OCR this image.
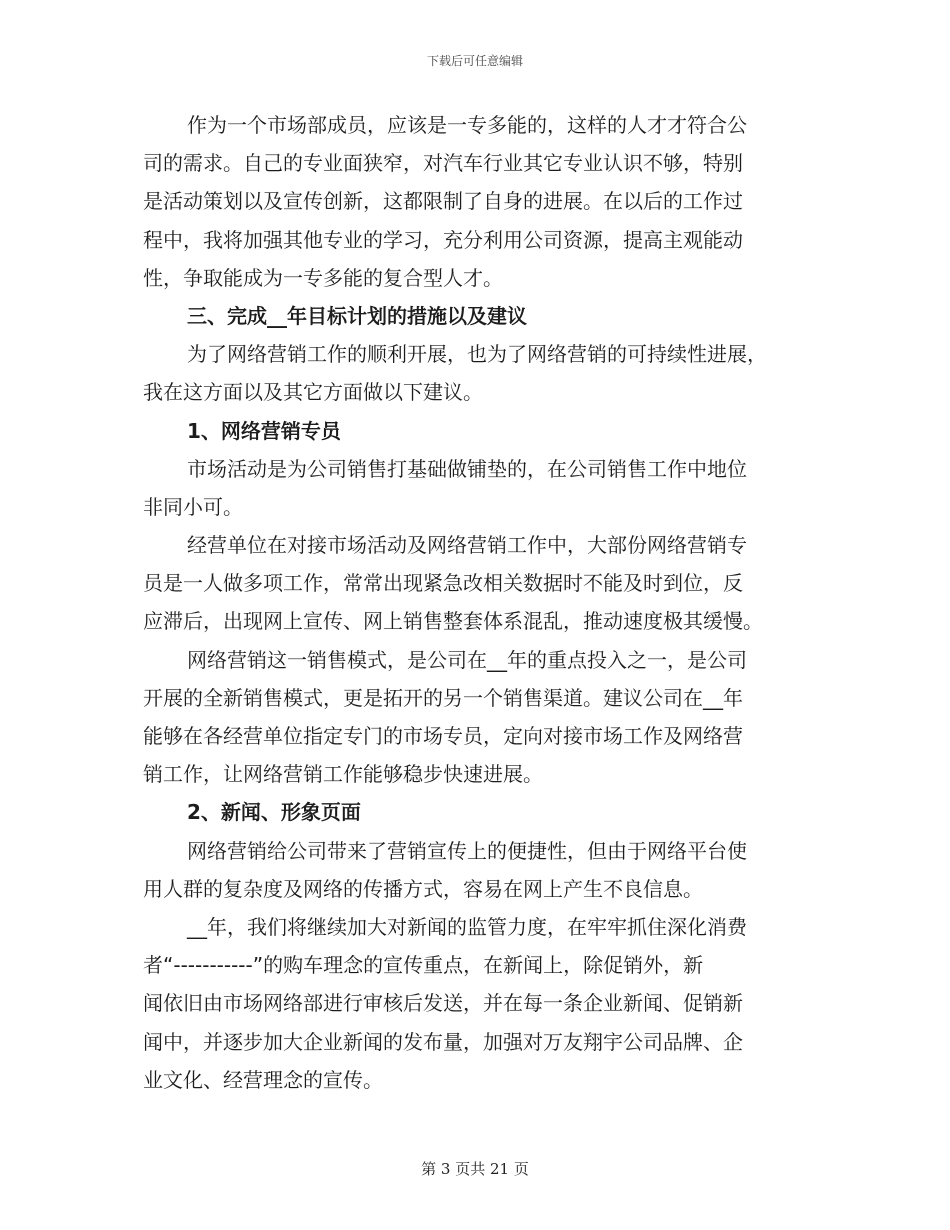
下载后可任意编辑
作为一个市场部成员，应该是一专多能的，这样的人才才符合公
司的需求。自己的专业面狭窄，对汽车行业其它专业认识不够，特别
是活动策划以及宣传创新，这都限制了自身的进展。在以后的工作过
程中，我将加强其他专业的学习，充分利用公司资源，提高主观能动
性，争取能成为一专多能的复合型人才。
三、完成__年目标计划的措施以及建议
为了网络营销工作的顺利开展，也为了网络营销的可持续性进展，
我在这方面以及其它方面做以下建议。
1、网络营销专员
市场活动是为公司销售打基础做铺垫的，在公司销售工作中地位
非同小可。
经营单位在对接市场活动及网络营销工作中，大部份网络营销专
员是一人做多项工作，常常出现紧急改相关数据时不能及时到位，反
应滞后，出现网上宣传、网上销售整套体系混乱，推动速度极其缓慢。
网络营销这一销售模式，是公司在__年的重点投入之一，是公司
开展的全新销售模式，更是拓开的另一个销售渠道。建议公司在__年
能够在各经营单位指定专门的市场专员，定向对接市场工作及网络营
销工作，让网络营销工作能够稳步快速进展。
2、新闻、形象页面
网络营销给公司带来了营销宣传上的便捷性，但由于网络平台使
用人群的复杂度及网络的传播方式，容易在网上产生不良信息。
__年，我们将继续加大对新闻的监管力度，在牢牢抓住深化消费
者“-----------”的购车理念的宣传重点，在新闻上，除促销外，新
闻依旧由市场网络部进行审核后发送，并在每一条企业新闻、促销新
闻中，并逐步加大企业新闻的发布量，加强对万友翔宇公司品牌、企
业文化、经营理念的宣传。
第 3 页共 21 页
